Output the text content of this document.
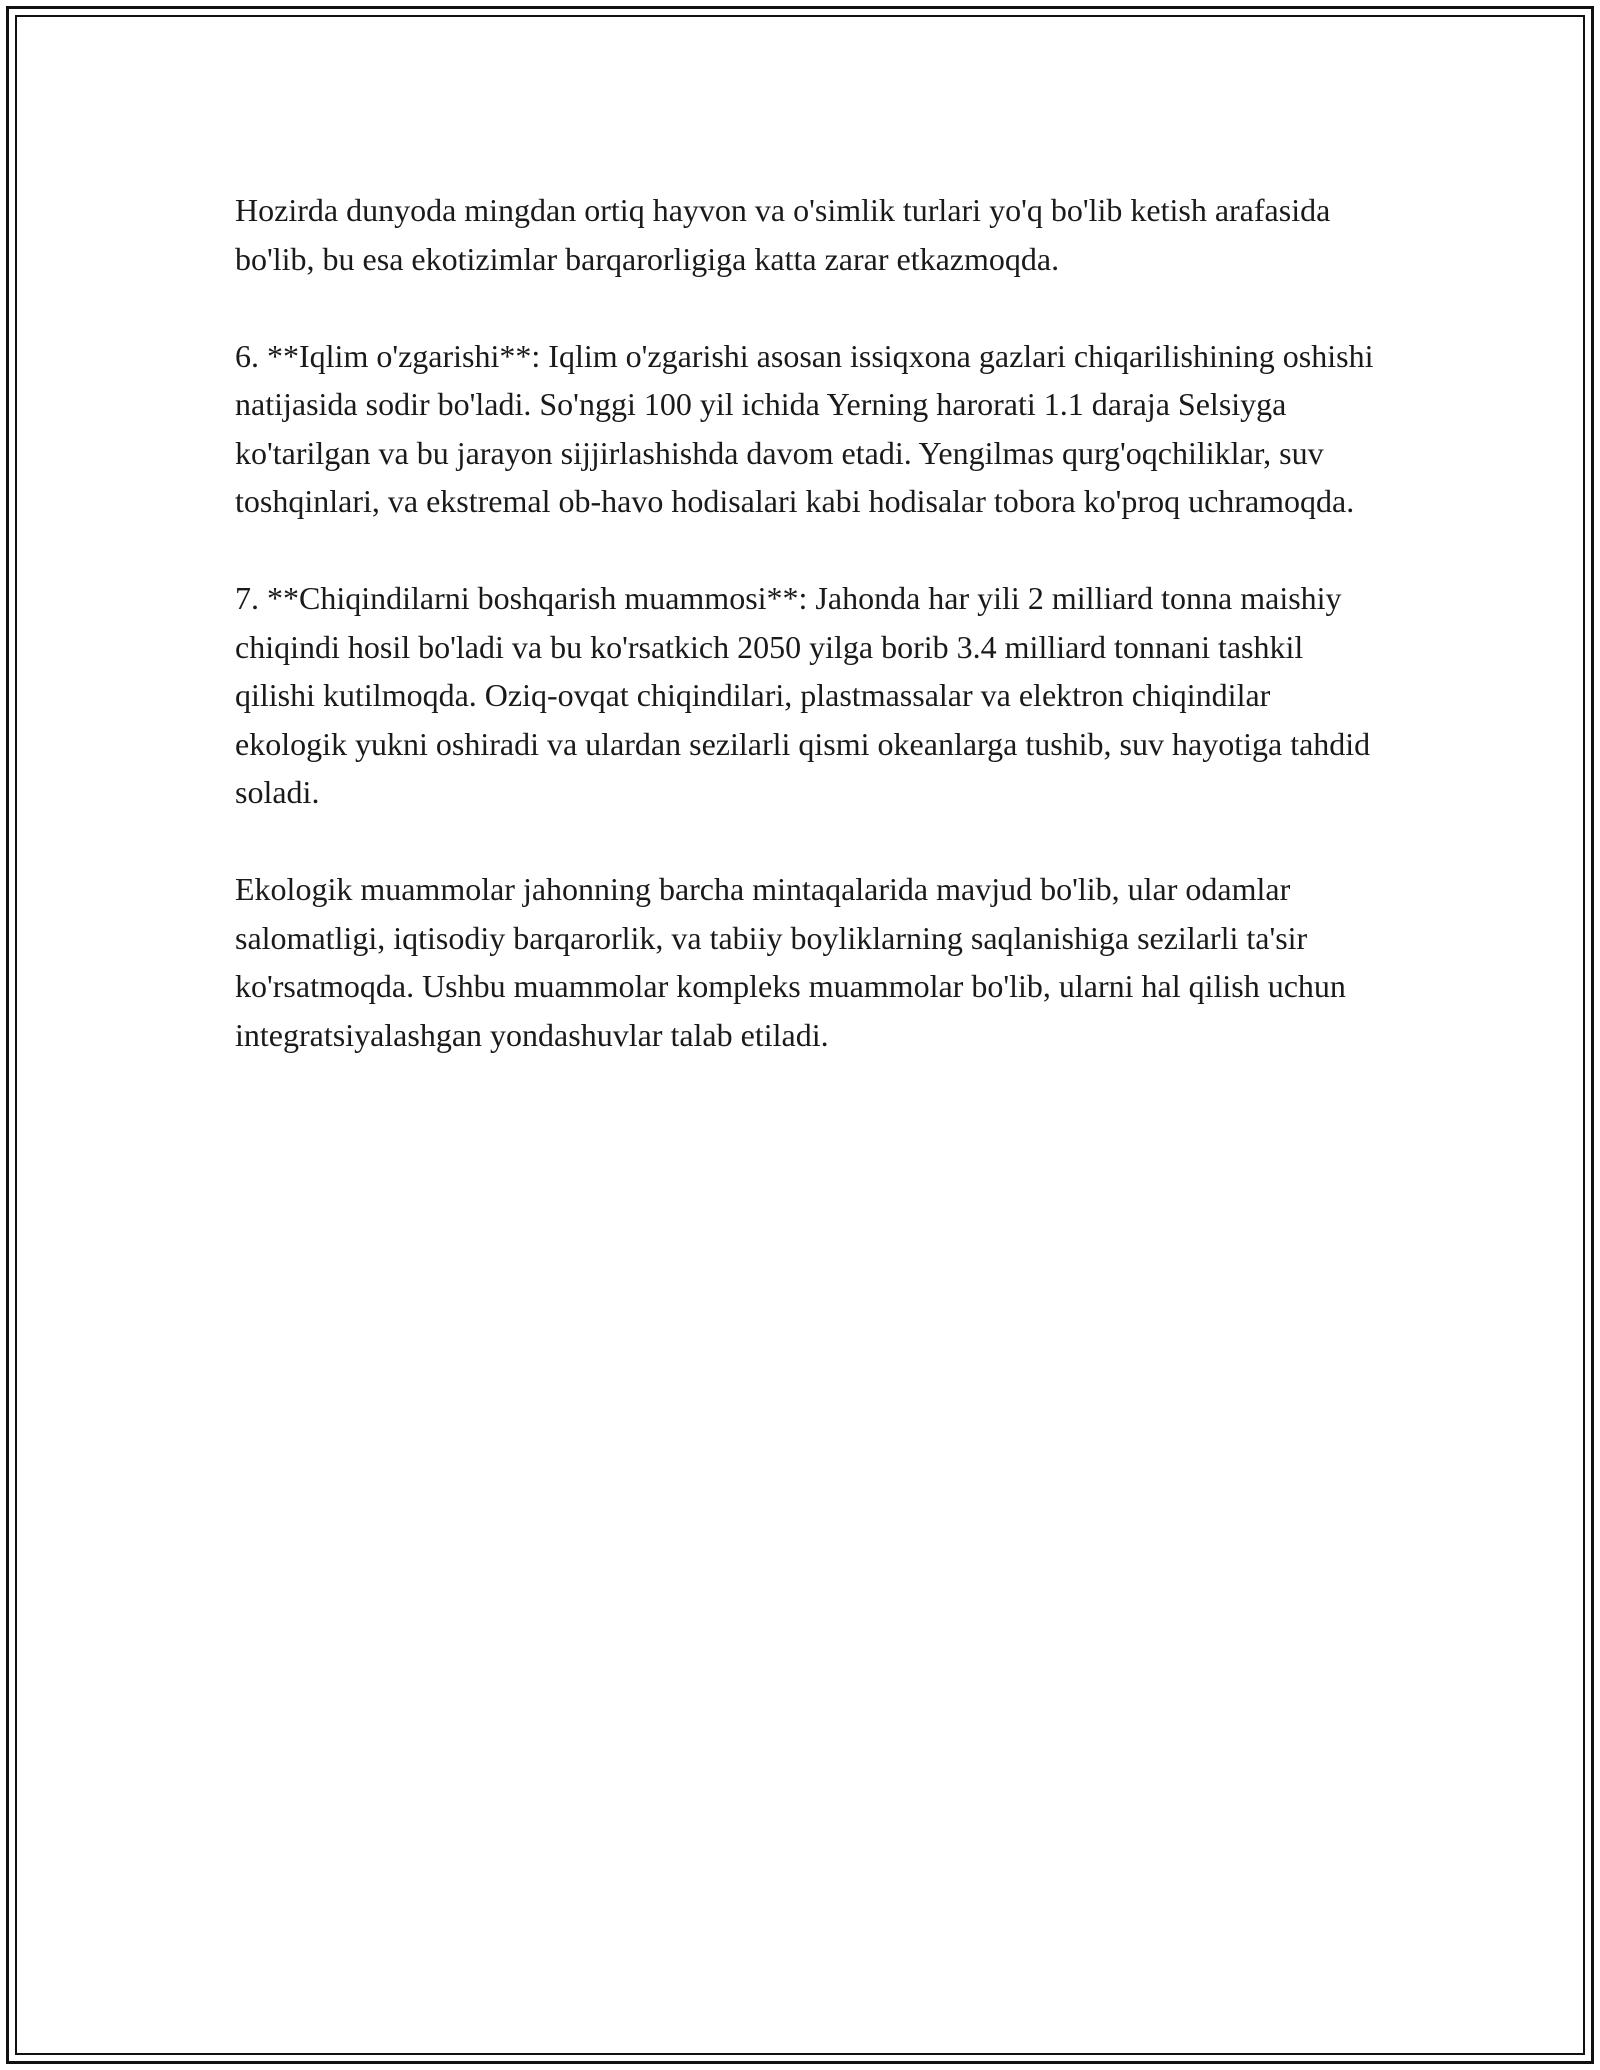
Hozirda dunyoda mingdan ortiq hayvon va o'simlik turlari yo'q bo'lib ketish arafasida bo'lib, bu esa ekotizimlar barqarorligiga katta zarar etkazmoqda.

6. **Iqlim o'zgarishi**: Iqlim o'zgarishi asosan issiqxona gazlari chiqarilishining oshishi natijasida sodir bo'ladi. So'nggi 100 yil ichida Yerning harorati 1.1 daraja Selsiyga ko'tarilgan va bu jarayon sijjirlashishda davom etadi. Yengilmas qurg'oqchiliklar, suv toshqinlari, va ekstremal ob-havo hodisalari kabi hodisalar tobora ko'proq uchramoqda.

7. **Chiqindilarni boshqarish muammosi**: Jahonda har yili 2 milliard tonna maishiy chiqindi hosil bo'ladi va bu ko'rsatkich 2050 yilga borib 3.4 milliard tonnani tashkil qilishi kutilmoqda. Oziq-ovqat chiqindilari, plastmassalar va elektron chiqindilar ekologik yukni oshiradi va ulardan sezilarli qismi okeanlarga tushib, suv hayotiga tahdid soladi.

Ekologik muammolar jahonning barcha mintaqalarida mavjud bo'lib, ular odamlar salomatligi, iqtisodiy barqarorlik, va tabiiy boyliklarning saqlanishiga sezilarli ta'sir ko'rsatmoqda. Ushbu muammolar kompleks muammolar bo'lib, ularni hal qilish uchun integratsiyalashgan yondashuvlar talab etiladi.
